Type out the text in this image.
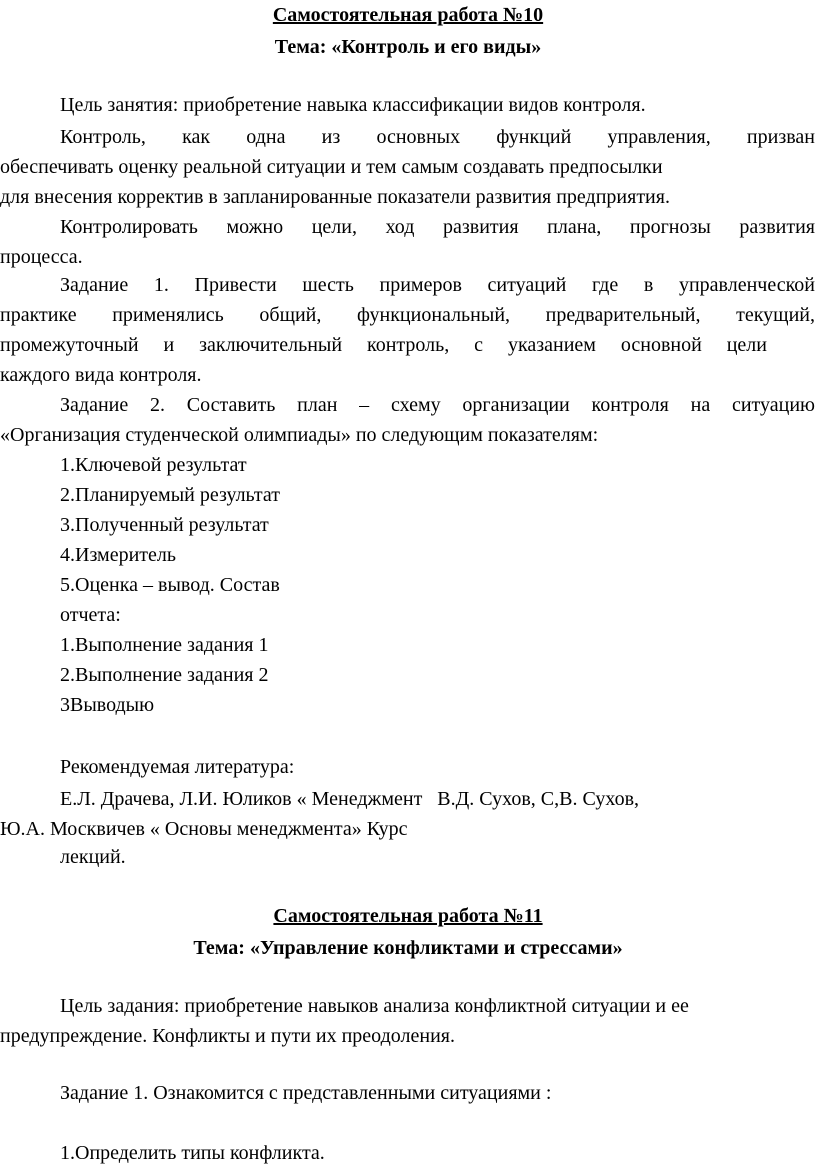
Самостоятельная работа №10
Тема: «Контроль и его виды»
Цель занятия: приобретение навыка классификации видов контроля.
Контроль, как одна из основных функций управления, призван
обеспечивать оценку реальной ситуации и тем самым создавать предпосылки
для внесения корректив в запланированные показатели развития предприятия.
Контролировать можно цели, ход развития плана, прогнозы развития
процесса.
Задание 1. Привести шесть примеров ситуаций где в управленческой
практике применялись общий, функциональный, предварительный, текущий,
промежуточный и заключительный контроль, с указанием основной цели
каждого вида контроля.
Задание 2. Составить план – схему организации контроля на ситуацию
«Организация студенческой олимпиады» по следующим показателям:
1.Ключевой результат
2.Планируемый результат
3.Полученный результат
4.Измеритель
5.Оценка – вывод. Состав
отчета:
1.Выполнение задания 1
2.Выполнение задания 2
3Выводыю
Рекомендуемая литература:
Е.Л. Драчева, Л.И. Юликов « Менеджмент   В.Д. Сухов, С,В. Сухов,
Ю.А. Москвичев « Основы менеджмента» Курс
лекций.
Самостоятельная работа №11
Тема: «Управление конфликтами и стрессами»
Цель задания: приобретение навыков анализа конфликтной ситуации и ее
предупреждение. Конфликты и пути их преодоления.
Задание 1. Ознакомится с представленными ситуациями :
1.Определить типы конфликта.
